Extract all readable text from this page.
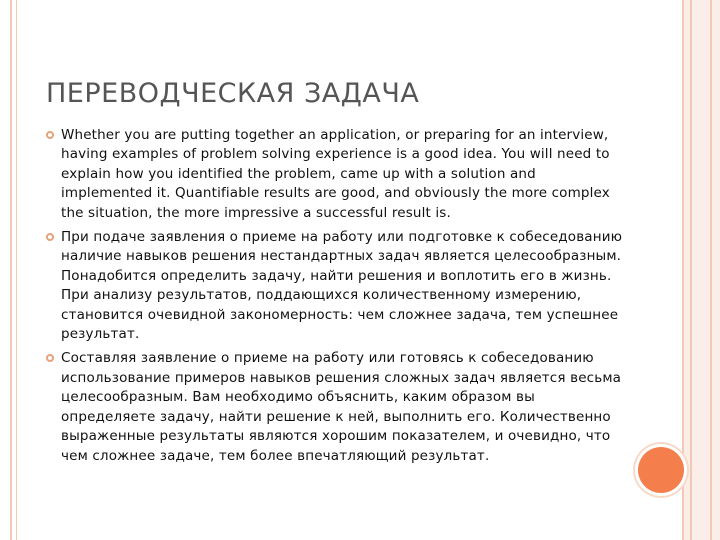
ПЕРЕВОДЧЕСКАЯ ЗАДАЧА

Whether you are putting together an application, or preparing for an interview, having examples of problem solving experience is a good idea. You will need to explain how you identified the problem, came up with a solution and implemented it. Quantifiable results are good, and obviously the more complex the situation, the more impressive a successful result is.

При подаче заявления о приеме на работу или подготовке к собеседованию наличие навыков решения нестандартных задач является целесообразным. Понадобится определить задачу, найти решения и воплотить его в жизнь. При анализу результатов, поддающихся количественному измерению, становится очевидной закономерность: чем сложнее задача, тем успешнее результат.

Составляя заявление о приеме на работу или готовясь к собеседованию использование примеров навыков решения сложных задач является весьма целесообразным. Вам необходимо объяснить, каким образом вы определяете задачу, найти решение к ней, выполнить его. Количественно выраженные результаты являются хорошим показателем, и очевидно, что чем сложнее задаче, тем более впечатляющий результат.
